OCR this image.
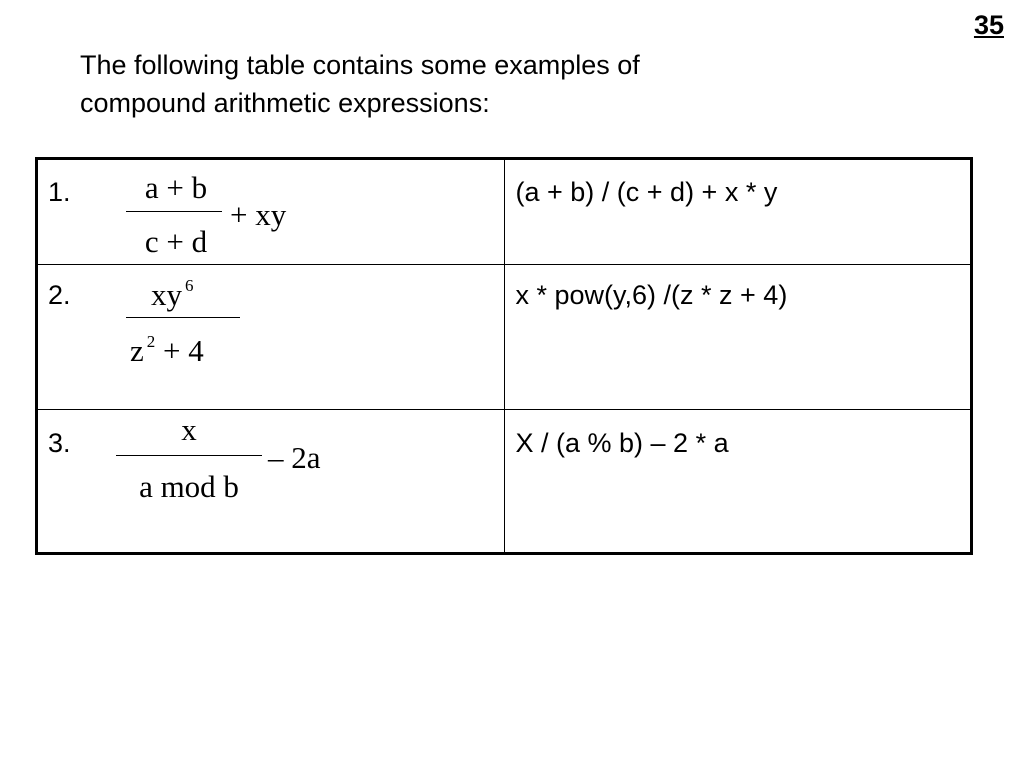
35
The following table contains some examples of
compound arithmetic expressions:
1. a + b
c + d
+ xy	(a + b) / (c + d) + x * y

2. xy $^6$
z $^2$ + 4	x * pow(y,6) /(z * z + 4)

3. x
a mod b
– 2a	X / (a % b) – 2 * a
